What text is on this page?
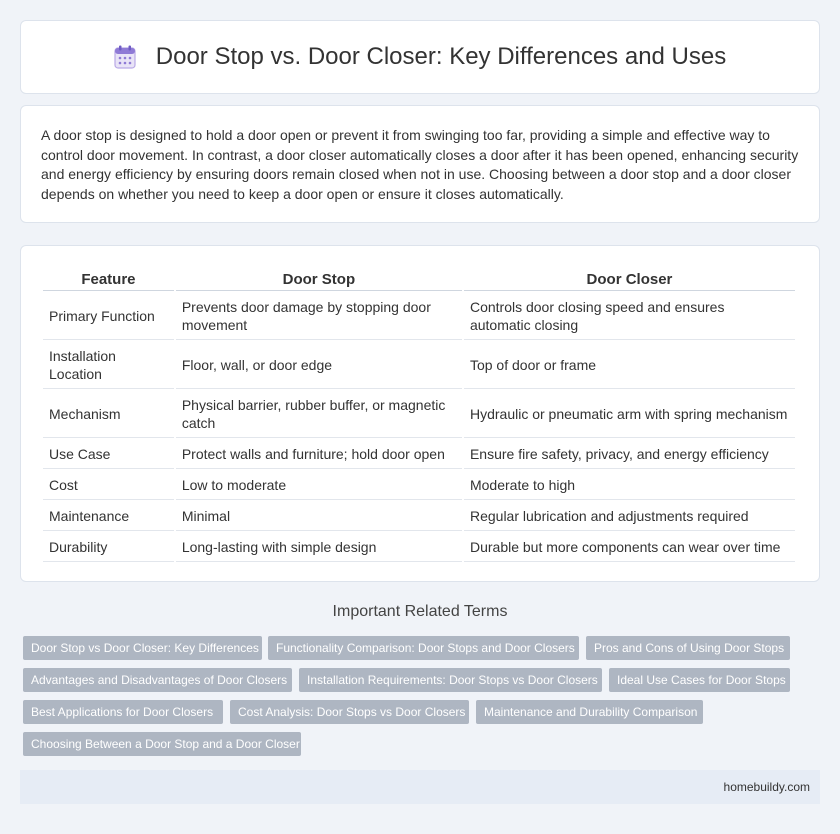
Door Stop vs. Door Closer: Key Differences and Uses

A door stop is designed to hold a door open or prevent it from swinging too far, providing a simple and effective way to control door movement. In contrast, a door closer automatically closes a door after it has been opened, enhancing security and energy efficiency by ensuring doors remain closed when not in use. Choosing between a door stop and a door closer depends on whether you need to keep a door open or ensure it closes automatically.

Feature	Door Stop	Door Closer
Primary Function	Prevents door damage by stopping door movement	Controls door closing speed and ensures automatic closing
Installation Location	Floor, wall, or door edge	Top of door or frame
Mechanism	Physical barrier, rubber buffer, or magnetic catch	Hydraulic or pneumatic arm with spring mechanism
Use Case	Protect walls and furniture; hold door open	Ensure fire safety, privacy, and energy efficiency
Cost	Low to moderate	Moderate to high
Maintenance	Minimal	Regular lubrication and adjustments required
Durability	Long-lasting with simple design	Durable but more components can wear over time
Important Related Terms
Door Stop vs Door Closer: Key Differences	Functionality Comparison: Door Stops and Door Closers	Pros and Cons of Using Door Stops
Advantages and Disadvantages of Door Closers	Installation Requirements: Door Stops vs Door Closers	Ideal Use Cases for Door Stops
Best Applications for Door Closers	Cost Analysis: Door Stops vs Door Closers	Maintenance and Durability Comparison
Choosing Between a Door Stop and a Door Closer
homebuildy.com
